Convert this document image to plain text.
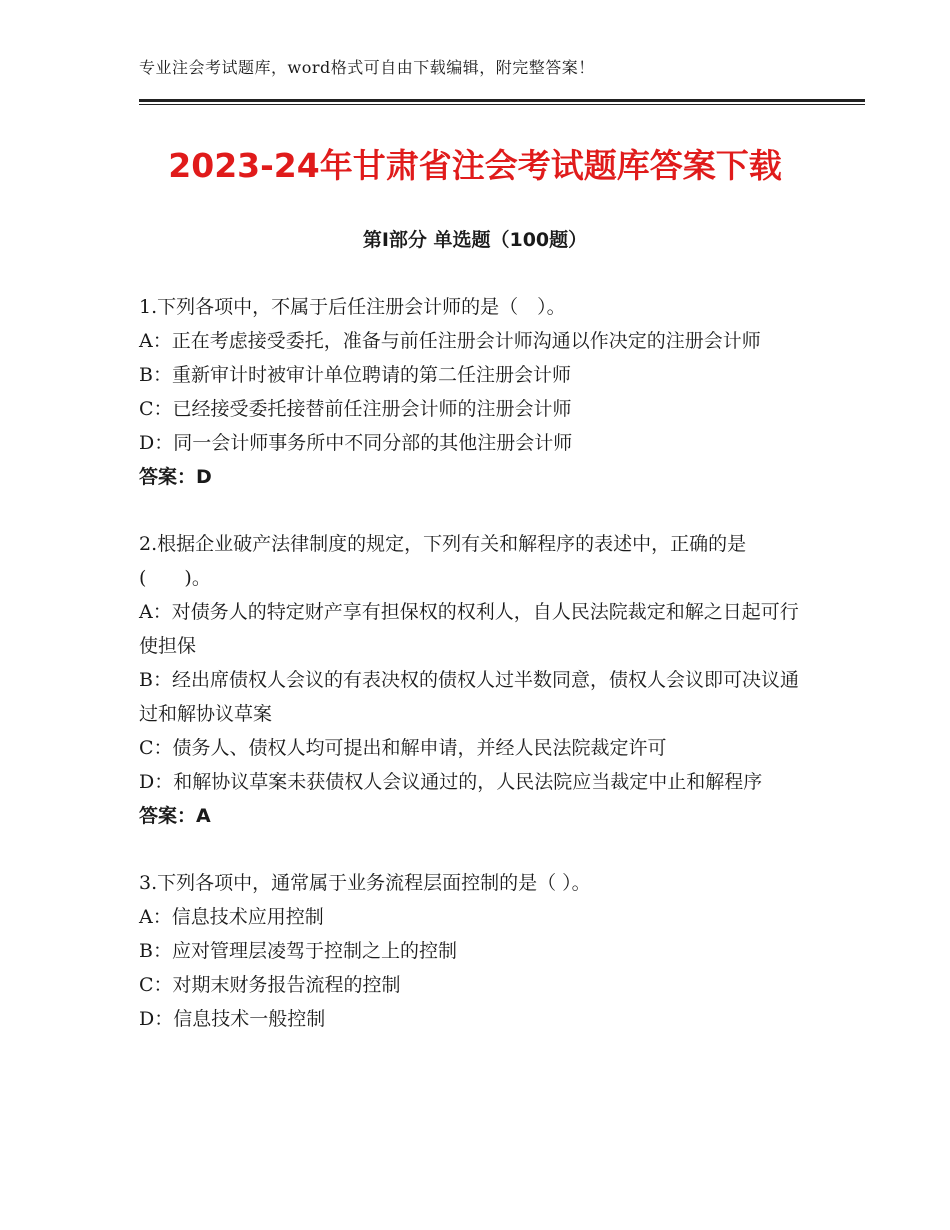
专业注会考试题库，word格式可自由下载编辑，附完整答案！
2023-24年甘肃省注会考试题库答案下载
第I部分 单选题（100题）

1.下列各项中，不属于后任注册会计师的是（　）。

A：正在考虑接受委托，准备与前任注册会计师沟通以作决定的注册会计师

B：重新审计时被审计单位聘请的第二任注册会计师

C：已经接受委托接替前任注册会计师的注册会计师

D：同一会计师事务所中不同分部的其他注册会计师

答案：D

2.根据企业破产法律制度的规定，下列有关和解程序的表述中，正确的是(　　)。

A：对债务人的特定财产享有担保权的权利人，自人民法院裁定和解之日起可行使担保

B：经出席债权人会议的有表决权的债权人过半数同意，债权人会议即可决议通过和解协议草案

C：债务人、债权人均可提出和解申请，并经人民法院裁定许可

D：和解协议草案未获债权人会议通过的，人民法院应当裁定中止和解程序

答案：A

3.下列各项中，通常属于业务流程层面控制的是（ ）。

A：信息技术应用控制

B：应对管理层凌驾于控制之上的控制

C：对期末财务报告流程的控制

D：信息技术一般控制
